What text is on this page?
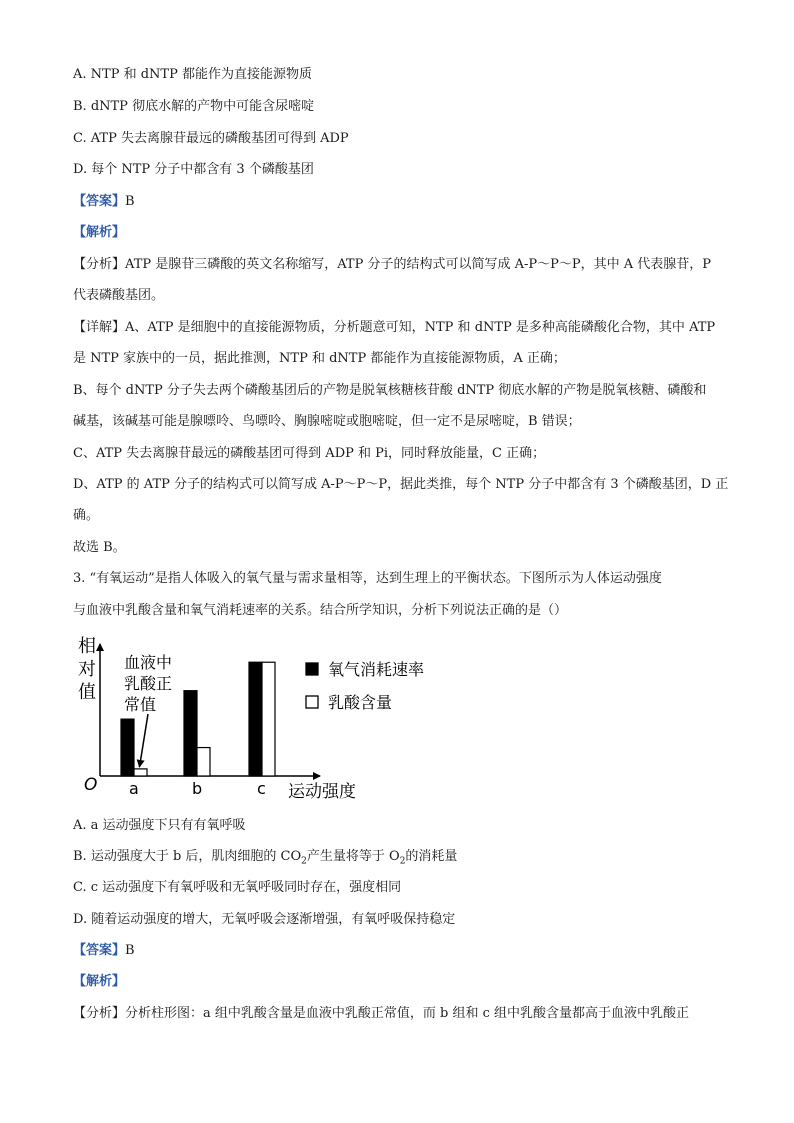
A. NTP 和 dNTP 都能作为直接能源物质
B. dNTP 彻底水解的产物中可能含尿嘧啶
C. ATP 失去离腺苷最远的磷酸基团可得到 ADP
D. 每个 NTP 分子中都含有 3 个磷酸基团
【答案】B
【解析】
【分析】ATP 是腺苷三磷酸的英文名称缩写，ATP 分子的结构式可以简写成 A-P～P～P，其中 A 代表腺苷，P
代表磷酸基团。
【详解】A、ATP 是细胞中的直接能源物质，分析题意可知，NTP 和 dNTP 是多种高能磷酸化合物，其中 ATP
是 NTP 家族中的一员，据此推测，NTP 和 dNTP 都能作为直接能源物质，A 正确；
B、每个 dNTP 分子失去两个磷酸基团后的产物是脱氧核糖核苷酸 dNTP 彻底水解的产物是脱氧核糖、磷酸和
碱基，该碱基可能是腺嘌呤、鸟嘌呤、胸腺嘧啶或胞嘧啶，但一定不是尿嘧啶，B 错误；
C、ATP 失去离腺苷最远的磷酸基团可得到 ADP 和 Pi，同时释放能量，C 正确；
D、ATP 的 ATP 分子的结构式可以简写成 A-P～P～P，据此类推，每个 NTP 分子中都含有 3 个磷酸基团，D 正
确。
故选 B。
3. “有氧运动”是指人体吸入的氧气量与需求量相等，达到生理上的平衡状态。下图所示为人体运动强度
与血液中乳酸含量和氧气消耗速率的关系。结合所学知识，分析下列说法正确的是（）
相
对
值
O	运动强度
a	b	c
血液中
乳酸正
常值
氧气消耗速率
乳酸含量
A. a 运动强度下只有有氧呼吸
B. 运动强度大于 b 后，肌肉细胞的 $CO_2$产生量将等于 $O_2$的消耗量
C. c 运动强度下有氧呼吸和无氧呼吸同时存在，强度相同
D. 随着运动强度的增大，无氧呼吸会逐渐增强，有氧呼吸保持稳定
【答案】B
【解析】
【分析】分析柱形图：a 组中乳酸含量是血液中乳酸正常值，而 b 组和 c 组中乳酸含量都高于血液中乳酸正
